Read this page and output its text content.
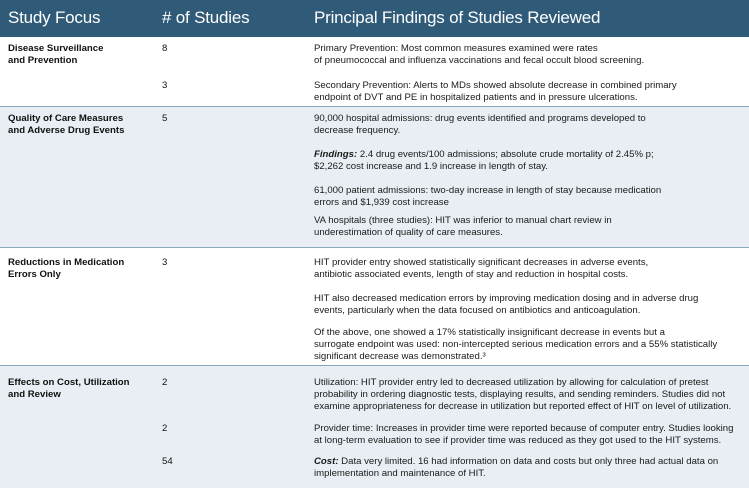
Study Focus	# of Studies	Principal Findings of Studies Reviewed
Disease Surveillance
and Prevention
8	Primary Prevention: Most common measures examined were rates
of pneumococcal and influenza vaccinations and fecal occult blood screening.
3	Secondary Prevention: Alerts to MDs showed absolute decrease in combined primary
endpoint of DVT and PE in hospitalized patients and in pressure ulcerations.
Quality of Care Measures
and Adverse Drug Events
5	90,000 hospital admissions: drug events identified and programs developed to
decrease frequency.
Findings: 2.4 drug events/100 admissions; absolute crude mortality of 2.45% p;
$2,262 cost increase and 1.9 increase in length of stay.
61,000 patient admissions: two-day increase in length of stay because medication
errors and $1,939 cost increase
VA hospitals (three studies): HIT was inferior to manual chart review in
underestimation of quality of care measures.
Reductions in Medication
Errors Only
3	HIT provider entry showed statistically significant decreases in adverse events,
antibiotic associated events, length of stay and reduction in hospital costs.
HIT also decreased medication errors by improving medication dosing and in adverse drug
events, particularly when the data focused on antibiotics and anticoagulation.
Of the above, one showed a 17% statistically insignificant decrease in events but a
surrogate endpoint was used: non-intercepted serious medication errors and a 55% statistically
significant decrease was demonstrated.³
Effects on Cost, Utilization
and Review
2	Utilization: HIT provider entry led to decreased utilization by allowing for calculation of pretest
probability in ordering diagnostic tests, displaying results, and sending reminders. Studies did not
examine appropriateness for decrease in utilization but reported effect of HIT on level of utilization.
2	Provider time: Increases in provider time were reported because of computer entry. Studies looking
at long-term evaluation to see if provider time was reduced as they got used to the HIT systems.
54	Cost: Data very limited. 16 had information on data and costs but only three had actual data on
implementation and maintenance of HIT.
